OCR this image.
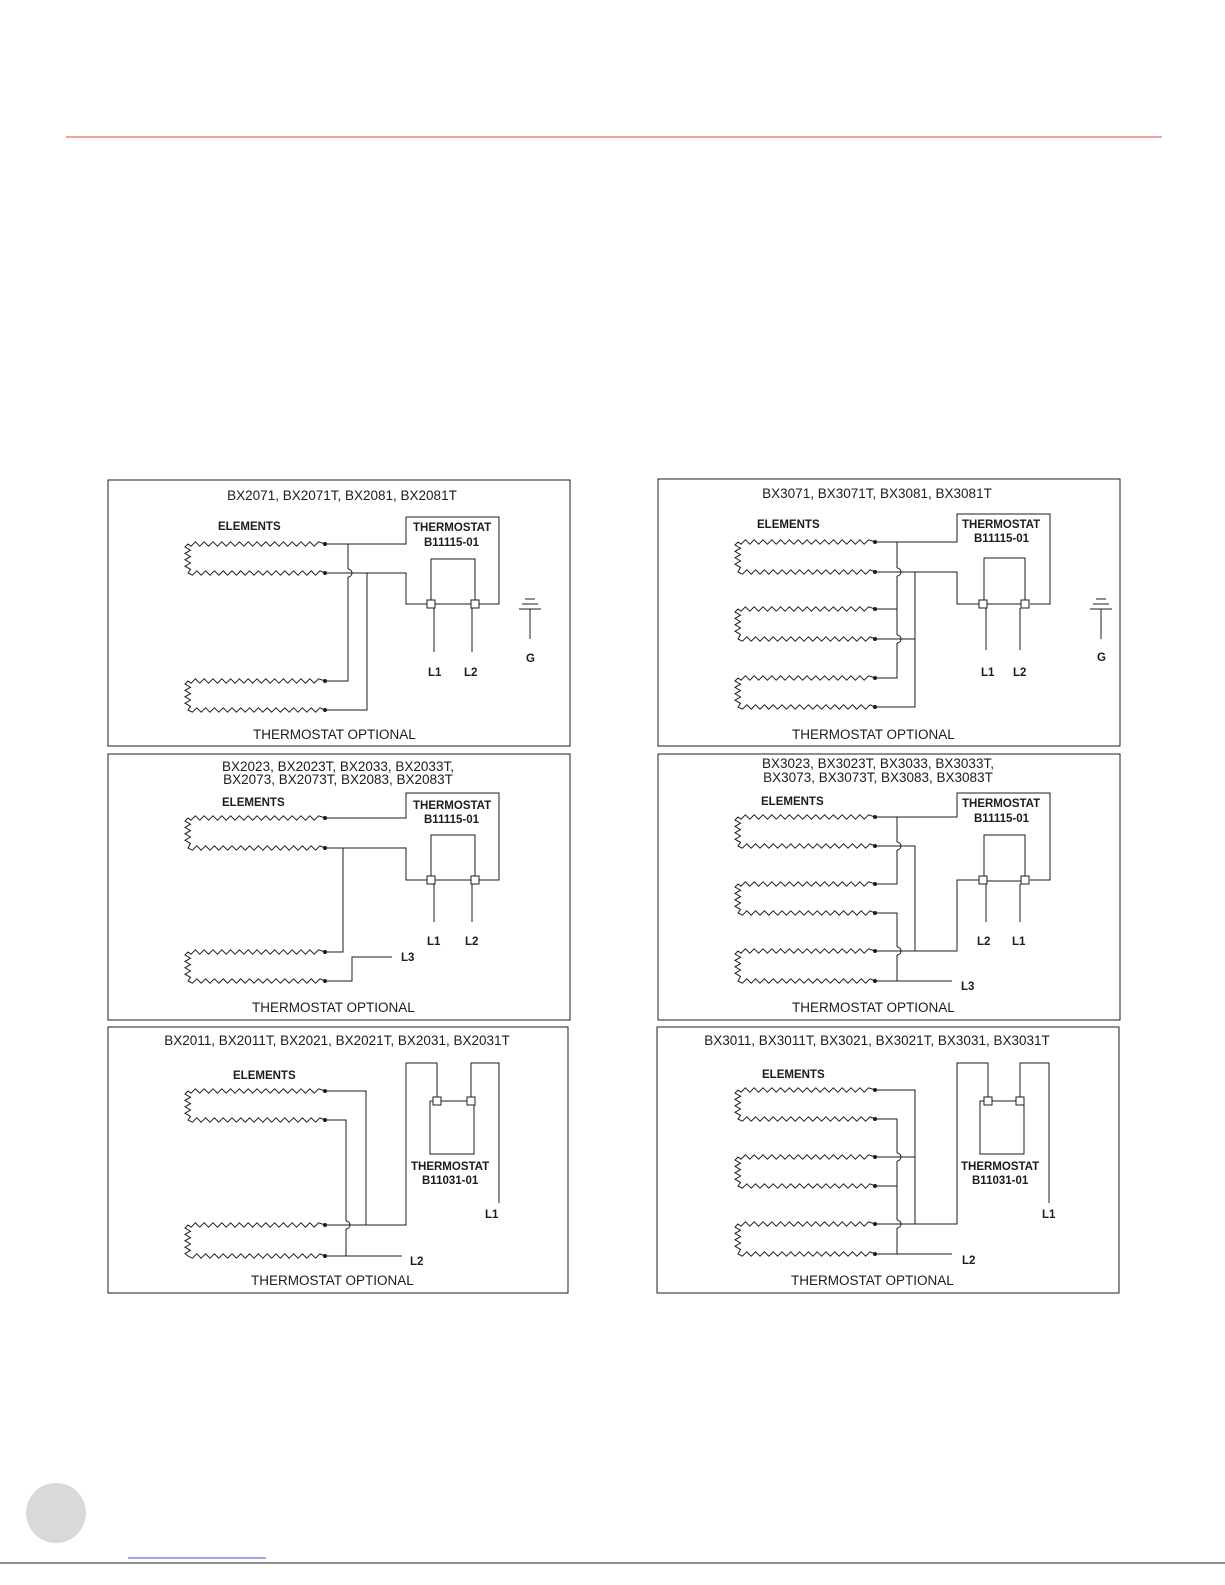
BX2071, BX2071T, BX2081, BX2081T
ELEMENTS	THERMOSTAT
B11115-01
L1 L2
G
THERMOSTAT OPTIONAL
BX2023, BX2023T, BX2033, BX2033T,
BX2073, BX2073T, BX2083, BX2083T
ELEMENTS	THERMOSTAT
B11115-01
L1 L2
L3
THERMOSTAT OPTIONAL
BX2011, BX2011T, BX2021, BX2021T, BX2031, BX2031T
ELEMENTS
THERMOSTAT
B11031-01
L1
L2
THERMOSTAT OPTIONAL
BX3071, BX3071T, BX3081, BX3081T
ELEMENTS	THERMOSTAT
B11115-01
L1 L2
G
THERMOSTAT OPTIONAL
BX3023, BX3023T, BX3033, BX3033T,
BX3073, BX3073T, BX3083, BX3083T
ELEMENTS	THERMOSTAT
B11115-01
L2 L1
L3
THERMOSTAT OPTIONAL
BX3011, BX3011T, BX3021, BX3021T, BX3031, BX3031T
ELEMENTS
THERMOSTAT
B11031-01
L1
L2
THERMOSTAT OPTIONAL
